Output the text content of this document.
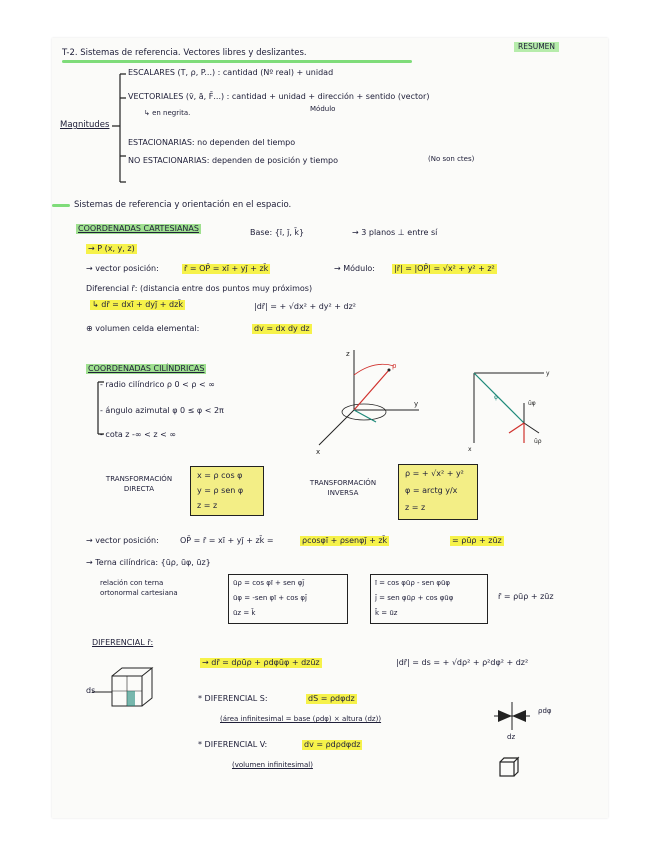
T-2. Sistemas de referencia. Vectores libres y deslizantes.
RESUMEN
Magnitudes
ESCALARES (T, ρ, P...) : cantidad (Nº real) + unidad
VECTORIALES (v̄, ā, F̄...) : cantidad + unidad + dirección + sentido (vector)
Módulo
↳ en negrita.
ESTACIONARIAS: no dependen del tiempo
NO ESTACIONARIAS: dependen de posición y tiempo	(No son ctes)
Sistemas de referencia y orientación en el espacio.
COORDENADAS CARTESIANAS	Base: {ī, j̄, k̄}	→ 3 planos ⊥ entre sí
→ P (x, y, z)
→ vector posición:	r̄ = OP̄ = xī + yj̄ + zk̄	→ Módulo: |r̄| = |OP̄| = √x² + y² + z²
Diferencial r̄: (distancia entre dos puntos muy próximos)
↳ dr̄ = dxī + dyj̄ + dzk̄	|dr̄| = + √dx² + dy² + dz²
⊕ volumen celda elemental:	dv = dx dy dz
COORDENADAS CILÍNDRICAS
- radio cilíndrico ρ 0 < ρ < ∞
- ángulo azimutal φ 0 ≤ φ < 2π
- cota z -∞ < z < ∞
z
y
x
ρ
ūφ
ūρ
φ
y
x
TRANSFORMACIÓN DIRECTA
x = ρ cos φ
y = ρ sen φ
z = z
TRANSFORMACIÓN INVERSA
ρ = + √x² + y²
φ = arctg y/x
z = z
→ vector posición:	OP̄ = r̄ = xī + yj̄ + zk̄ =	ρcosφī + ρsenφj̄ + zk̄	= ρūρ + zūz
→ Terna cilíndrica: {ūρ, ūφ, ūz}
relación con terna ortonormal cartesiana
ūρ = cos φī + sen φj̄
ūφ = -sen φī + cos φj̄
ūz = k̄
ī = cos φūρ - sen φūφ
j̄ = sen φūρ + cos φūφ
k̄ = ūz
r̄ = ρūρ + zūz
DIFERENCIAL r̄:
→ dr̄ = dρūρ + ρdφūφ + dzūz	|dr̄| = ds = + √dρ² + ρ²dφ² + dz²
ds
* DIFERENCIAL S:	dS = ρdφdz
(área infinitesimal = base (ρdφ) × altura (dz))
ρdφ
dz
* DIFERENCIAL V:	dv = ρdρdφdz
(volumen infinitesimal)
